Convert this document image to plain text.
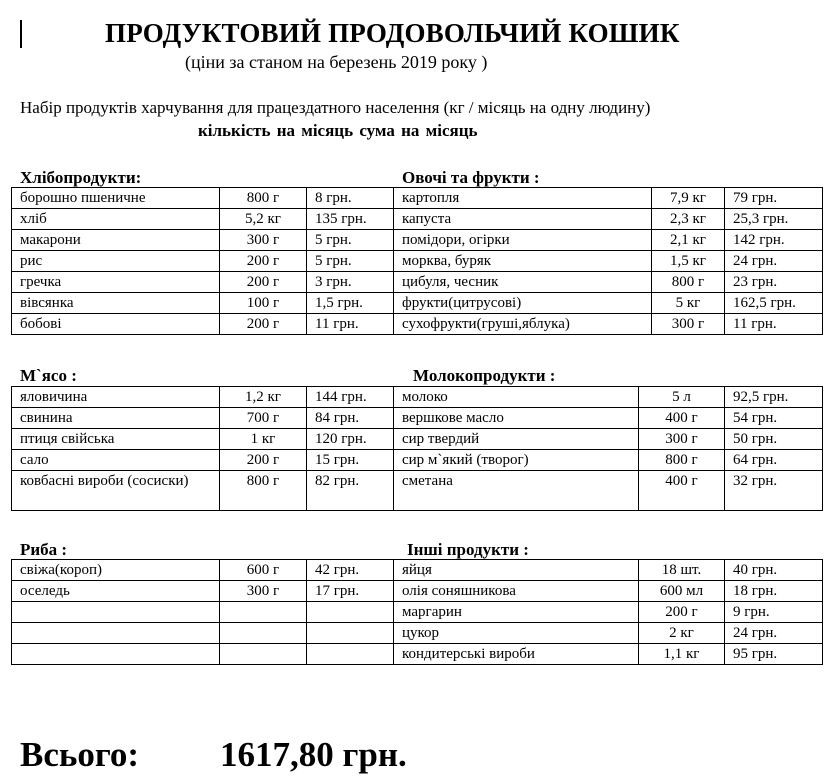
ПРОДУКТОВИЙ ПРОДОВОЛЬЧИЙ КОШИК
(ціни за станом на березень 2019 року )
Набір продуктів харчування для працездатного населення (кг / місяць на одну людину)
кількість на місяць сума на місяць
Хлібопродукти:	Овочі та фрукти :
борошно пшеничне	800 г	8 грн.	картопля	7,9 кг	79 грн.
хліб	5,2 кг	135 грн.	капуста	2,3 кг	25,3 грн.
макарони	300 г	5 грн.	помідори, огірки	2,1 кг	142 грн.
рис	200 г	5 грн.	морква, буряк	1,5 кг	24 грн.
гречка	200 г	3 грн.	цибуля, чесник	800 г	23 грн.
вівсянка	100 г	1,5 грн.	фрукти(цитрусові)	5 кг	162,5 грн.
бобові	200 г	11 грн.	сухофрукти(груші,яблука)	300 г	11 грн.
М`ясо :	Молокопродукти :
яловичина	1,2 кг	144 грн.	молоко	5 л	92,5 грн.
свинина	700 г	84 грн.	вершкове масло	400 г	54 грн.
птиця свійська	1 кг	120 грн.	сир твердий	300 г	50 грн.
сало	200 г	15 грн.	сир м`який (творог)	800 г	64 грн.
ковбасні вироби (сосиски)	800 г	82 грн.	сметана	400 г	32 грн.
Риба :	Інші продукти :
свіжа(короп)	600 г	42 грн.	яйця	18 шт.	40 грн.
оселедь	300 г	17 грн.	олія соняшникова	600 мл	18 грн.
			маргарин	200 г	9 грн.
			цукор	2 кг	24 грн.
			кондитерські вироби	1,1 кг	95 грн.
Всього: 1617,80 грн.
